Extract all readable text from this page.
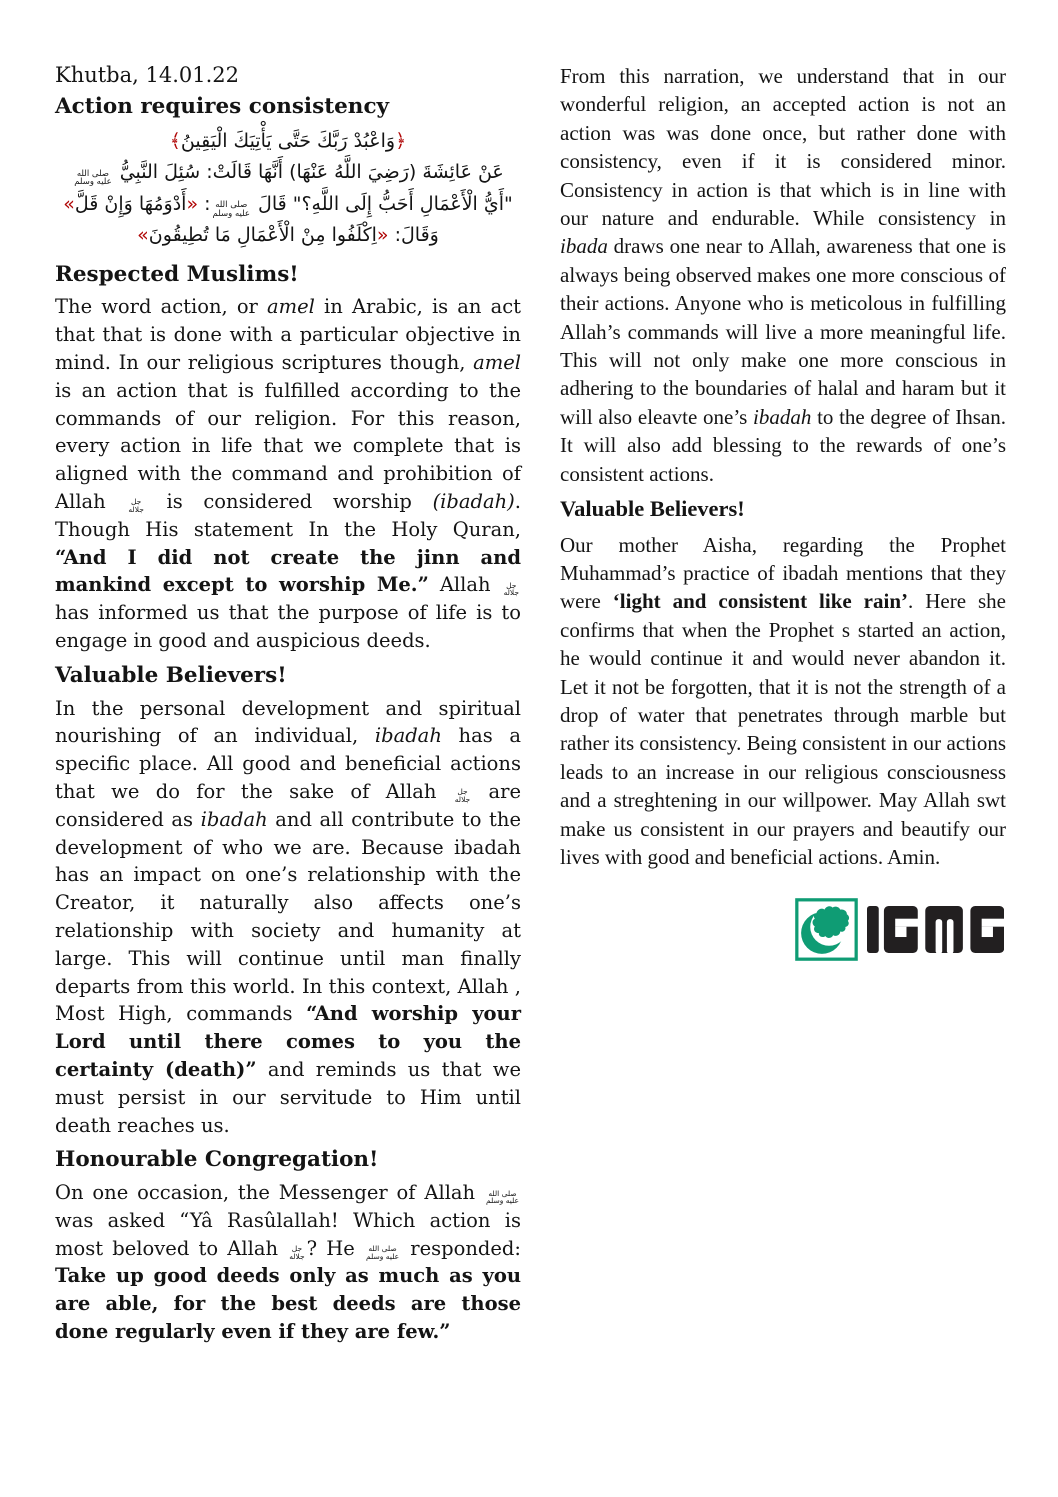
Khutba, 14.01.22
Action requires consistency
﴿وَاعْبُدْ رَبَّكَ حَتَّى يَأْتِيَكَ الْيَقِينُ﴾
عَنْ عَائِشَةَ (رَضِيَ اللَّهُ عَنْهَا) أَنَّهَا قَالَتْ: سُئِلَ النَّبِيُّ
صلى الله
عليه وسلم
"أَيُّ الْأَعْمَالِ أَحَبُّ إِلَى اللَّهِ؟" قَالَ
صلى الله
عليه وسلم
: «أَدْوَمُهَا وَإِنْ قَلَّ»
وَقَالَ: «اِكْلَفُوا مِنْ الْأَعْمَالِ مَا تُطِيقُونَ»
Respected Muslims!

The word action, or amel in Arabic, is an act that that is done with a particular objective in mind. In our religious scriptures though, amel is an action that is fulfilled according to the commands of our religion. For this reason, every action in life that we complete that is aligned with the command and prohibition of Allah جل
جلاله is considered worship (ibadah). Though His statement In the Holy Quran, “And I did not create the jinn and mankind except to worship Me.” Allah جل
جلاله
has informed us that the purpose of life is to engage in good and auspicious deeds.

Valuable Believers!

In the personal development and spiritual nourishing of an individual, ibadah has a specific place. All good and beneficial actions that we do for the sake of Allah جل
جلاله are considered as ibadah and all contribute to the development of who we are. Because ibadah has an impact on one’s relationship with the Creator, it naturally also affects one’s relationship with society and humanity at large. This will continue until man finally departs from this world. In this context, Allah , Most High, commands “And worship your Lord until there comes to you the certainty (death)” and reminds us that we must persist in our servitude to Him until death reaches us.

Honourable Congregation!

On one occasion, the Messenger of Allah صلى الله
عليه وسلم
was asked “Yâ Rasûlallah! Which action is most beloved to Allah جل
جلاله ? He صلى الله
عليه وسلم responded: Take up good deeds only as much as you are able, for the best deeds are those done regularly even if they are few.”

From this narration, we understand that in our wonderful religion, an accepted action is not an action was was done once, but rather done with consistency, even if it is considered minor. Consistency in action is that which is in line with our nature and endurable. While consistency in ibada draws one near to Allah, awareness that one is always being observed makes one more conscious of their actions. Anyone who is meticolous in fulfilling Allah’s commands will live a more meaningful life. This will not only make one more conscious in adhering to the boundaries of halal and haram but it will also eleavte one’s ibadah to the degree of Ihsan. It will also add blessing to the rewards of one’s consistent actions.

Valuable Believers!

Our mother Aisha, regarding the Prophet Muhammad’s practice of ibadah mentions that they were ‘light and consistent like rain’. Here she confirms that when the Prophet s started an action, he would continue it and would never abandon it. Let it not be forgotten, that it is not the strength of a drop of water that penetrates through marble but rather its consistency. Being consistent in our actions leads to an increase in our religious consciousness and a streghtening in our willpower. May Allah swt make us consistent in our prayers and beautify our lives with good and beneficial actions. Amin.
